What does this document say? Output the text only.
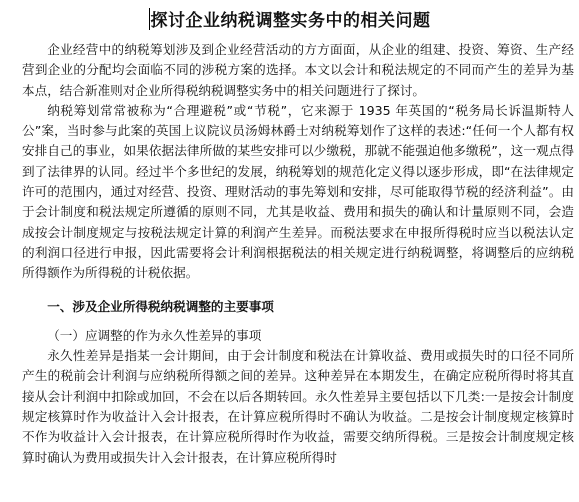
探讨企业纳税调整实务中的相关问题

企业经营中的纳税筹划涉及到企业经营活动的方方面面，从企业的组建、投资、筹资、生产经营到企业的分配均会面临不同的涉税方案的选择。本文以会计和税法规定的不同而产生的差异为基本点，结合新准则对企业所得税纳税调整实务中的相关问题进行了探讨。

纳税筹划常常被称为“合理避税”或“节税”，它来源于 1935 年英国的“税务局长诉温斯特人公”案，当时参与此案的英国上议院议员汤姆林爵士对纳税筹划作了这样的表述:“任何一个人都有权安排自己的事业，如果依据法律所做的某些安排可以少缴税，那就不能强迫他多缴税”，这一观点得到了法律界的认同。经过半个多世纪的发展，纳税筹划的规范化定义得以逐步形成，即“在法律规定许可的范围内，通过对经营、投资、理财活动的事先筹划和安排，尽可能取得节税的经济利益”。由于会计制度和税法规定所遵循的原则不同，尤其是收益、费用和损失的确认和计量原则不同，会造成按会计制度规定与按税法规定计算的利润产生差异。而税法要求在申报所得税时应当以税法认定的利润口径进行申报，因此需要将会计利润根据税法的相关规定进行纳税调整，将调整后的应纳税所得额作为所得税的计税依据。

一、涉及企业所得税纳税调整的主要事项

（一）应调整的作为永久性差异的事项

永久性差异是指某一会计期间，由于会计制度和税法在计算收益、费用或损失时的口径不同所产生的税前会计利润与应纳税所得额之间的差异。这种差异在本期发生，在确定应税所得时将其直接从会计利润中扣除或加回，不会在以后各期转回。永久性差异主要包括以下几类:一是按会计制度规定核算时作为收益计入会计报表，在计算应税所得时不确认为收益。二是按会计制度规定核算时不作为收益计入会计报表，在计算应税所得时作为收益，需要交纳所得税。三是按会计制度规定核算时确认为费用或损失计入会计报表，在计算应税所得时
